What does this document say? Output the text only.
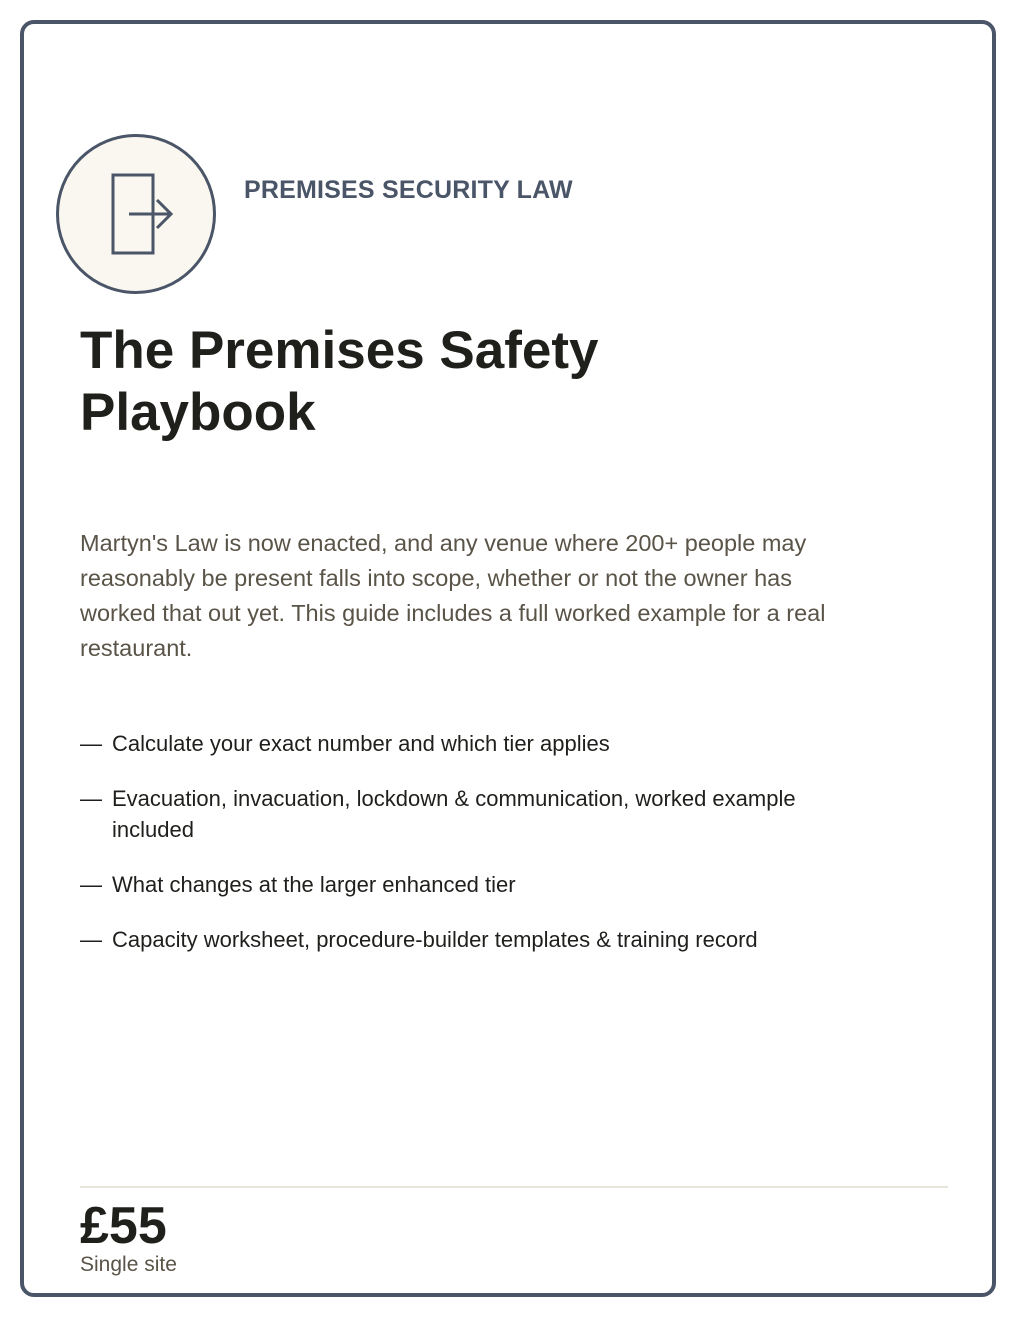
PREMISES SECURITY LAW
The Premises Safety Playbook

Martyn's Law is now enacted, and any venue where 200+ people may reasonably be present falls into scope, whether or not the owner has worked that out yet. This guide includes a full worked example for a real restaurant.

— Calculate your exact number and which tier applies
— Evacuation, invacuation, lockdown & communication, worked example included
— What changes at the larger enhanced tier
— Capacity worksheet, procedure-builder templates & training record
£55
Single site
